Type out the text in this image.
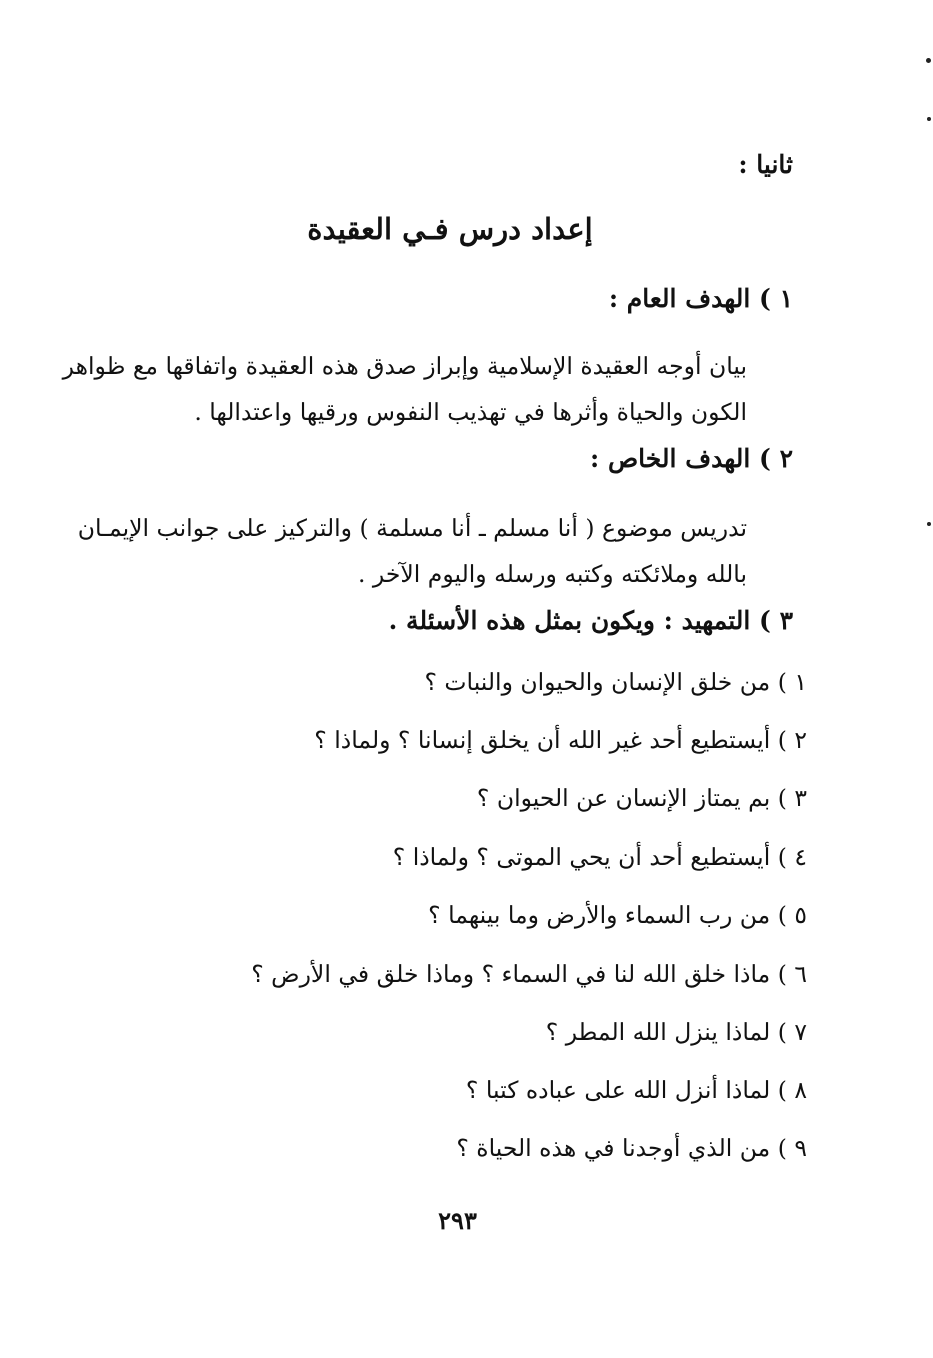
ثانيا :

إعداد درس فـي العقيدة

١ ) الهدف العام :

بيان أوجه العقيدة الإسلامية وإبراز صدق هذه العقيدة واتفاقها مع ظواهر

الكون والحياة وأثرها في تهذيب النفوس ورقيها واعتدالها .

٢ ) الهدف الخاص :

تدريس موضوع ( أنا مسلم ـ أنا مسلمة ) والتركيز على جوانب الإيمـان

بالله وملائكته وكتبه ورسله واليوم الآخر .

٣ ) التمهيد : ويكون بمثل هذه الأسئلة .

١ ) من خلق الإنسان والحيوان والنبات ؟

٢ ) أيستطيع أحد غير الله أن يخلق إنسانا ؟ ولماذا ؟

٣ ) بم يمتاز الإنسان عن الحيوان ؟

٤ ) أيستطيع أحد أن يحي الموتى ؟ ولماذا ؟

٥ ) من رب السماء والأرض وما بينهما ؟

٦ ) ماذا خلق الله لنا في السماء ؟ وماذا خلق في الأرض ؟

٧ ) لماذا ينزل الله المطر ؟

٨ ) لماذا أنزل الله على عباده كتبا ؟

٩ ) من الذي أوجدنا في هذه الحياة ؟

٢٩٣
